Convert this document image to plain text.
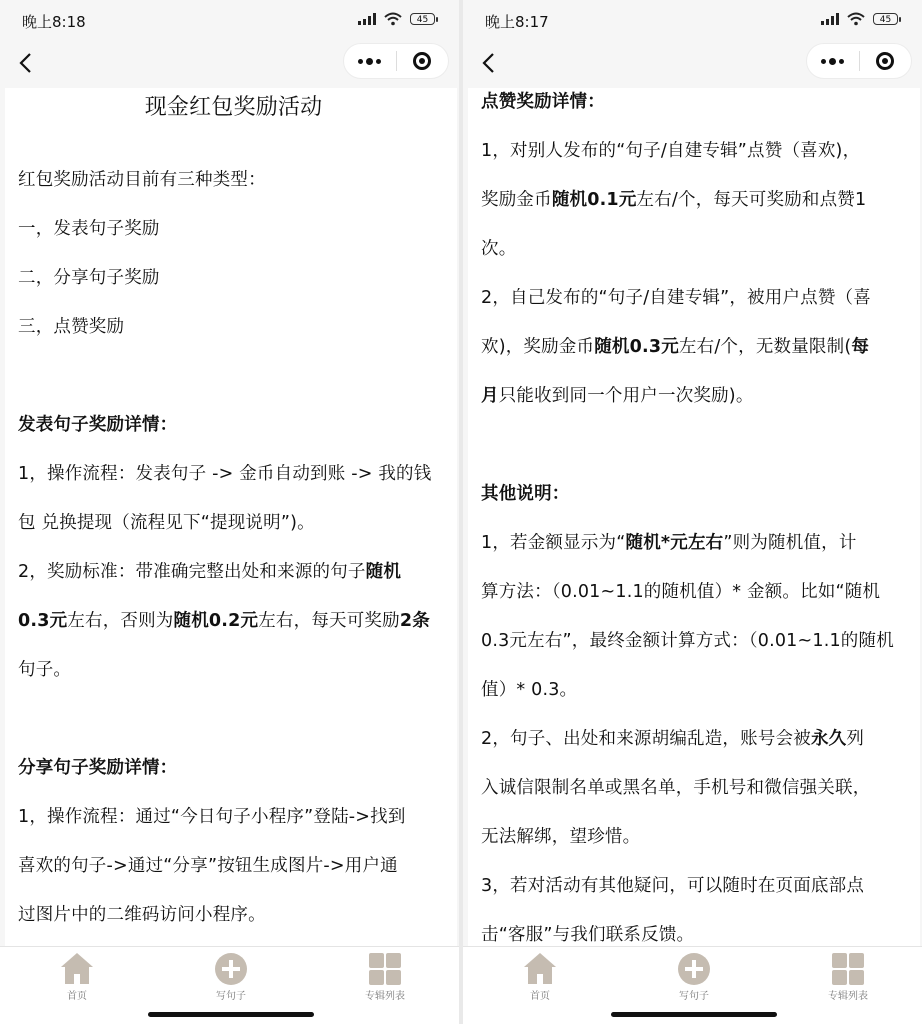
晚上8:18	45

现金红包奖励活动

红包奖励活动目前有三种类型：

一，发表句子奖励

二，分享句子奖励

三，点赞奖励

发表句子奖励详情：

1，操作流程：发表句子 -> 金币自动到账 -> 我的钱

包 兑换提现（流程见下“提现说明”)。

2，奖励标准：带准确完整出处和来源的句子随机

0.3元左右，否则为随机0.2元左右，每天可奖励2条

句子。

分享句子奖励详情：

1，操作流程：通过“今日句子小程序”登陆->找到

喜欢的句子->通过“分享”按钮生成图片->用户通

过图片中的二维码访问小程序。

首页	写句子	专辑列表
晚上8:17	45

点赞奖励详情：

1，对别人发布的“句子/自建专辑”点赞（喜欢)，

奖励金币随机0.1元左右/个，每天可奖励和点赞1

次。

2，自己发布的“句子/自建专辑”，被用户点赞（喜

欢)，奖励金币随机0.3元左右/个，无数量限制(每

月只能收到同一个用户一次奖励)。

其他说明：

1，若金额显示为“随机*元左右”则为随机值，计

算方法：（0.01~1.1的随机值）* 金额。比如“随机

0.3元左右”，最终金额计算方式：（0.01~1.1的随机

值）* 0.3。

2，句子、出处和来源胡编乱造，账号会被永久列

入诚信限制名单或黑名单，手机号和微信强关联，

无法解绑，望珍惜。

3，若对活动有其他疑问，可以随时在页面底部点

击“客服”与我们联系反馈。

首页	写句子	专辑列表
